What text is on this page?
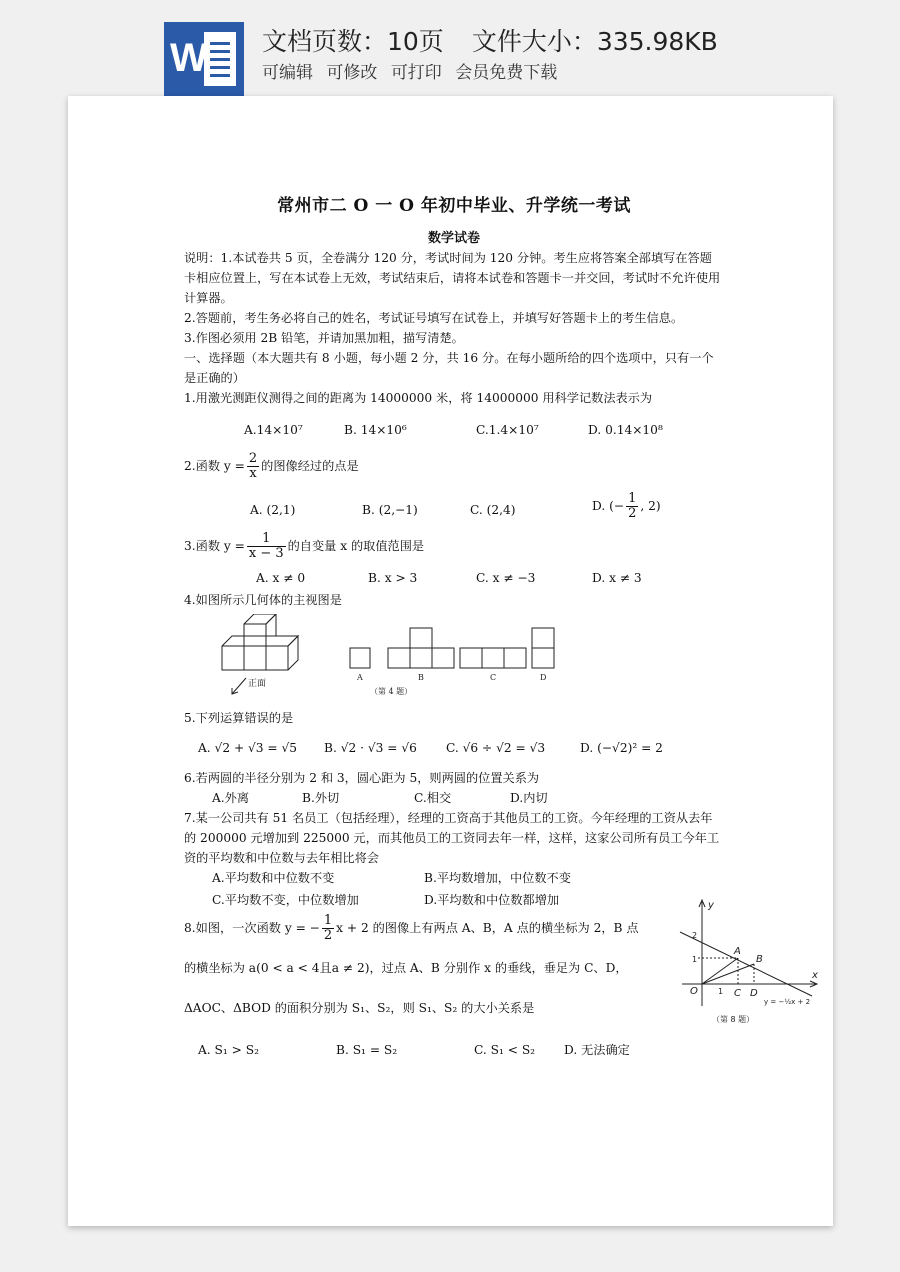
W 文档页数：10页 文件大小：335.98KB
可编辑 可修改 可打印 会员免费下载
常州市二 O 一 O 年初中毕业、升学统一考试
数学试卷
说明：1.本试卷共 5 页，全卷满分 120 分，考试时间为 120 分钟。考生应将答案全部填写在答题卡相应位置上，写在本试卷上无效，考试结束后，请将本试卷和答题卡一并交回，考试时不允许使用计算器。
2.答题前，考生务必将自己的姓名，考试证号填写在试卷上，并填写好答题卡上的考生信息。
3.作图必须用 2B 铅笔，并请加黑加粗，描写清楚。
一、选择题（本大题共有 8 小题，每小题 2 分，共 16 分。在每小题所给的四个选项中，只有一个是正确的）
1.用激光测距仪测得之间的距离为 14000000 米，将 14000000 用科学记数法表示为
A.14×10⁷	B. 14×10⁶	C.1.4×10⁷	D. 0.14×10⁸
2.函数 $y = \frac{2}{x}$ 的图像经过的点是
A. (2,1)	B. (2,−1)	C. (2,4)	D. (− $\frac{1}{2}$ , 2)
3.函数 $y = \frac{1}{x - 3}$ 的自变量 x 的取值范围是
A. x ≠ 0	B. x > 3	C. x ≠ −3	D. x ≠ 3
4.如图所示几何体的主视图是
正面
A	B	C	D
（第 4 题）
5.下列运算错误的是
A. √2 + √3 = √5 B. √2 · √3 = √6 C. √6 ÷ √2 = √3	D. (−√2)² = 2
6.若两圆的半径分别为 2 和 3，圆心距为 5，则两圆的位置关系为
A.外离	B.外切	C.相交	D.内切
7.某一公司共有 51 名员工（包括经理），经理的工资高于其他员工的工资。今年经理的工资从去年的 200000 元增加到 225000 元，而其他员工的工资同去年一样，这样，这家公司所有员工今年工资的平均数和中位数与去年相比将会
A.平均数和中位数不变	B.平均数增加，中位数不变
C.平均数不变，中位数增加	D.平均数和中位数都增加
8.如图，一次函数 y = − $\frac{1}{2}$ x + 2 的图像上有两点 A、B，A 点的横坐标为 2，B 点
的横坐标为 a(0 < a < 4且a ≠ 2)，过点 A、B 分别作 x 的垂线，垂足为 C、D，
ΔAOC、ΔBOD 的面积分别为 S₁、S₂，则 S₁、S₂ 的大小关系是
A. S₁ > S₂	B. S₁ = S₂	C. S₁ < S₂ D. 无法确定
y
x
O
1
2
1
A
B
C D
y = −½x + 2
（第 8 题）
